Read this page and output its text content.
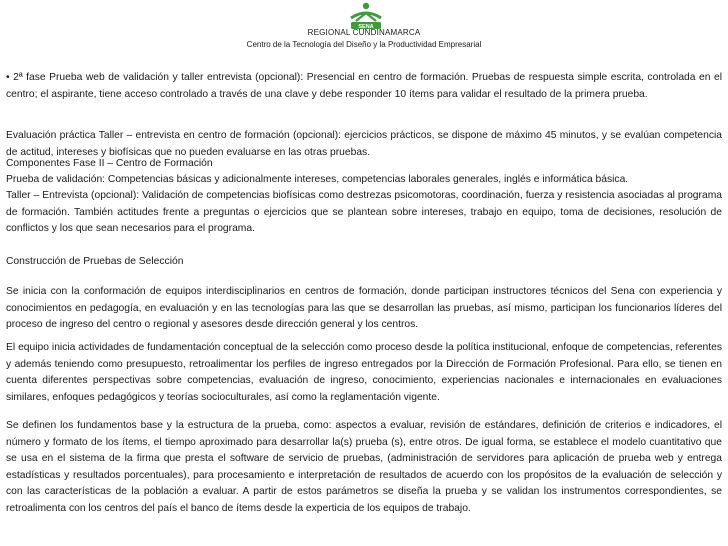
SENA
REGIONAL CUNDINAMARCA
Centro de la Tecnología del Diseño y la Productividad Empresarial

• 2ª fase Prueba web de validación y taller entrevista (opcional): Presencial en centro de formación. Pruebas de respuesta simple escrita, controlada en el centro; el aspirante, tiene acceso controlado a través de una clave y debe responder 10 ítems para validar el resultado de la primera prueba.

Evaluación práctica Taller – entrevista en centro de formación (opcional): ejercicios prácticos, se dispone de máximo 45 minutos, y se evalúan competencia de actitud, intereses y biofísicas que no pueden evaluarse en las otras pruebas.

Componentes Fase II – Centro de Formación

Prueba de validación: Competencias básicas y adicionalmente intereses, competencias laborales generales, inglés e informática básica.

Taller – Entrevista (opcional): Validación de competencias biofísicas como destrezas psicomotoras, coordinación, fuerza y resistencia asociadas al programa de formación. También actitudes frente a preguntas o ejercicios que se plantean sobre intereses, trabajo en equipo, toma de decisiones, resolución de conflictos y los que sean necesarios para el programa.

Construcción de Pruebas de Selección

Se inicia con la conformación de equipos interdisciplinarios en centros de formación, donde participan instructores técnicos del Sena con experiencia y conocimientos en pedagogía, en evaluación y en las tecnologías para las que se desarrollan las pruebas, así mismo, participan los funcionarios líderes del proceso de ingreso del centro o regional y asesores desde dirección general y los centros.

El equipo inicia actividades de fundamentación conceptual de la selección como proceso desde la política institucional, enfoque de competencias, referentes y además teniendo como presupuesto, retroalimentar los perfiles de ingreso entregados por la Dirección de Formación Profesional. Para ello, se tienen en cuenta diferentes perspectivas sobre competencias, evaluación de ingreso, conocimiento, experiencias nacionales e internacionales en evaluaciones similares, enfoques pedagógicos y teorías socioculturales, así como la reglamentación vigente.

Se definen los fundamentos base y la estructura de la prueba, como: aspectos a evaluar, revisión de estándares, definición de criterios e indicadores, el número y formato de los ítems, el tiempo aproximado para desarrollar la(s) prueba (s), entre otros. De igual forma, se establece el modelo cuantitativo que se usa en el sistema de la firma que presta el software de servicio de pruebas, (administración de servidores para aplicación de prueba web y entrega estadísticas y resultados porcentuales), para procesamiento e interpretación de resultados de acuerdo con los propósitos de la evaluación de selección y con las características de la población a evaluar. A partir de estos parámetros se diseña la prueba y se validan los instrumentos correspondientes, se retroalimenta con los centros del país el banco de ítems desde la experticia de los equipos de trabajo.
